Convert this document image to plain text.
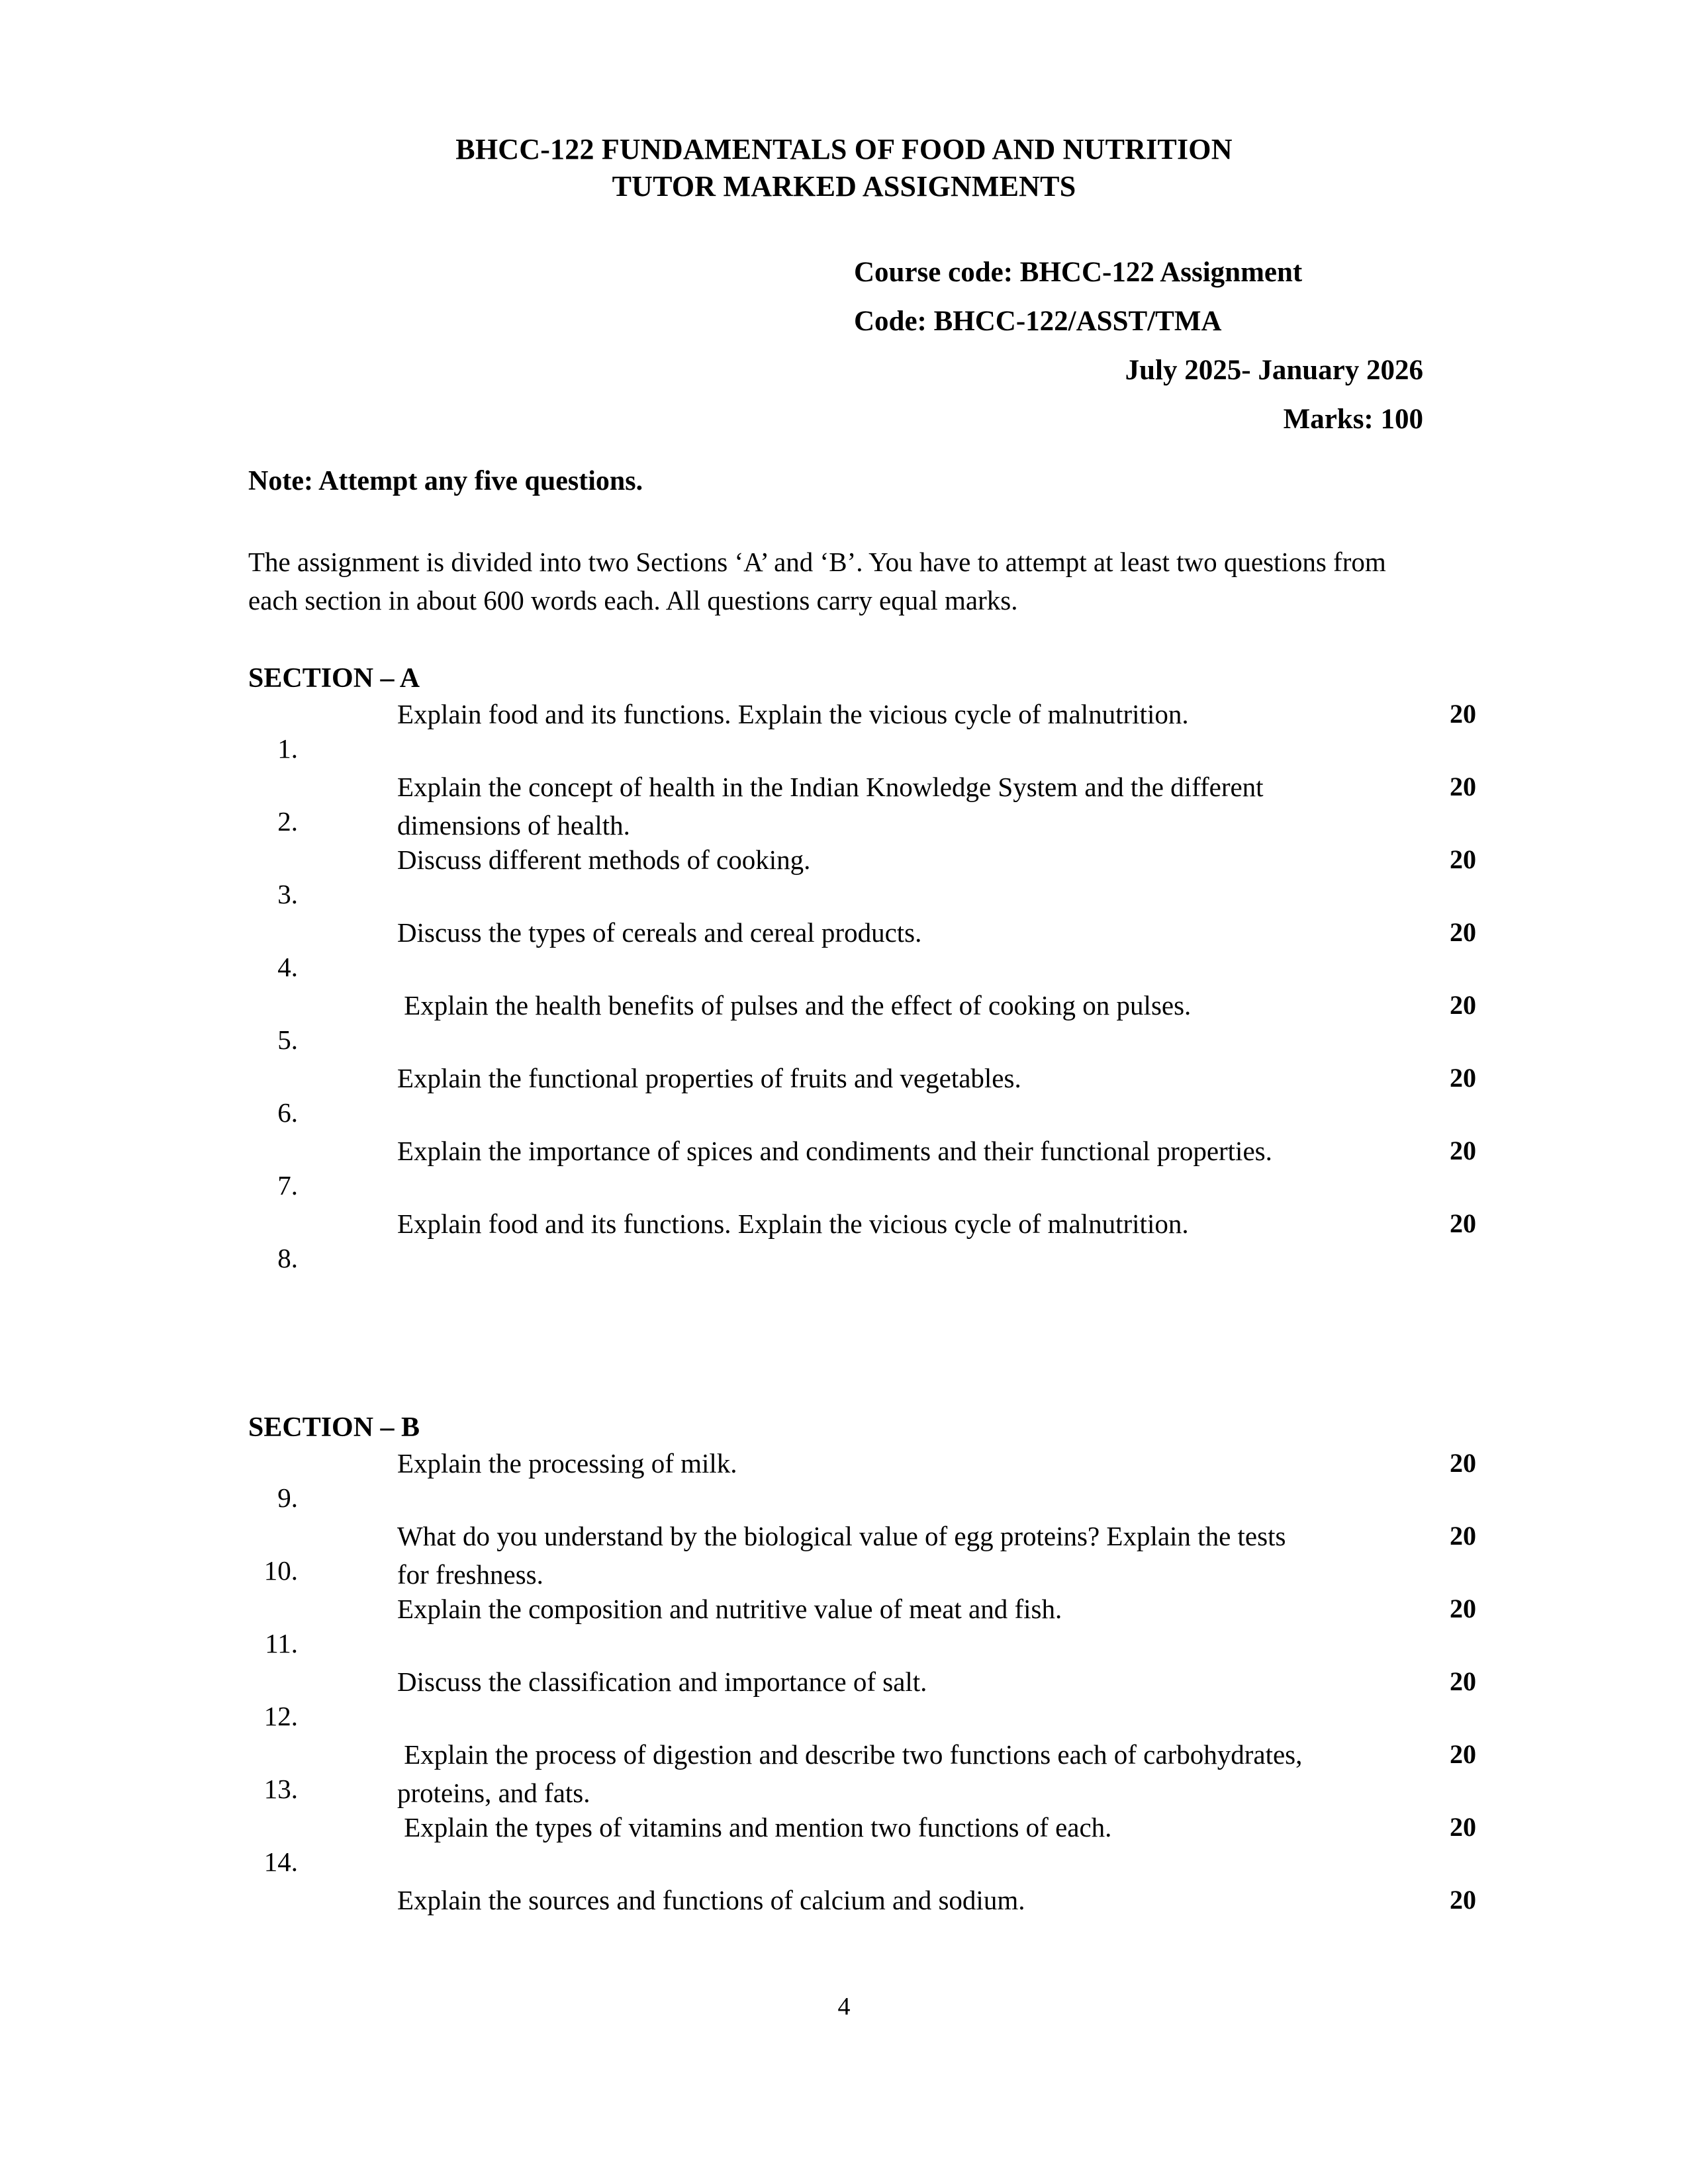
BHCC-122 FUNDAMENTALS OF FOOD AND NUTRITION
TUTOR MARKED ASSIGNMENTS
Course code: BHCC-122 Assignment
Code: BHCC-122/ASST/TMA
July 2025- January 2026
Marks: 100
Note: Attempt any five questions.
The assignment is divided into two Sections ‘A’ and ‘B’. You have to attempt at least two questions from each section in about 600 words each. All questions carry equal marks.
SECTION – A
1.
Explain food and its functions. Explain the vicious cycle of malnutrition.	20
2.
Explain the concept of health in the Indian Knowledge System and the different dimensions of health.
20
3.
Discuss different methods of cooking.	20
4.
Discuss the types of cereals and cereal products.	20
5.
Explain the health benefits of pulses and the effect of cooking on pulses.	20
6.
Explain the functional properties of fruits and vegetables.	20
7.
Explain the importance of spices and condiments and their functional properties.	20
8.
Explain food and its functions. Explain the vicious cycle of malnutrition.	20
SECTION – B
9.
Explain the processing of milk.	20
10.
What do you understand by the biological value of egg proteins? Explain the tests for freshness.
20
11.
Explain the composition and nutritive value of meat and fish.	20
12.
Discuss the classification and importance of salt.	20
13.
Explain the process of digestion and describe two functions each of carbohydrates, proteins, and fats.
20
14.
Explain the types of vitamins and mention two functions of each.	20
Explain the sources and functions of calcium and sodium.	20
4
